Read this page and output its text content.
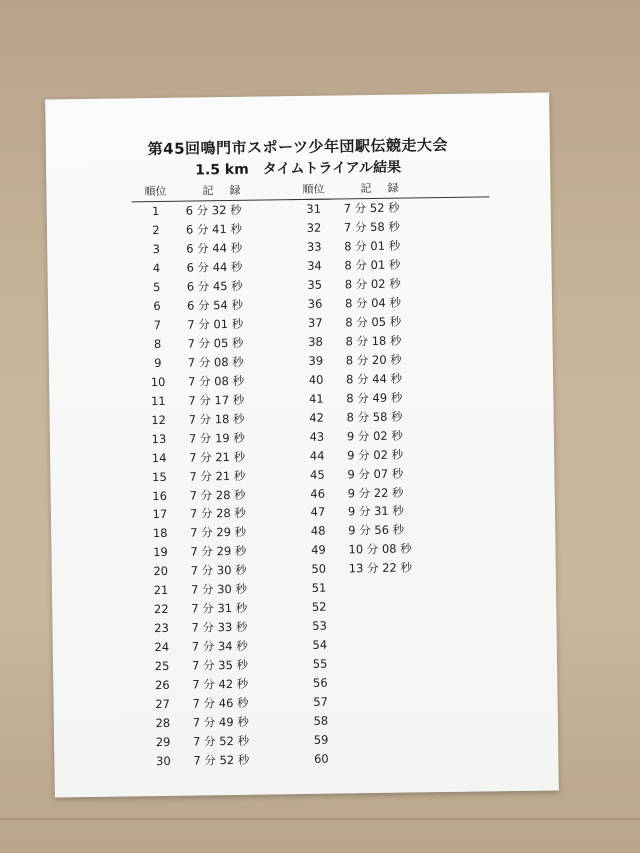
第45回鳴門市スポーツ少年団駅伝競走大会
1.5 km　タイムトライアル結果
順位	記録
1	6 分 32 秒
2	6 分 41 秒
3	6 分 44 秒
4	6 分 44 秒
5	6 分 45 秒
6	6 分 54 秒
7	7 分 01 秒
8	7 分 05 秒
9	7 分 08 秒
10	7 分 08 秒
11	7 分 17 秒
12	7 分 18 秒
13	7 分 19 秒
14	7 分 21 秒
15	7 分 21 秒
16	7 分 28 秒
17	7 分 28 秒
18	7 分 29 秒
19	7 分 29 秒
20	7 分 30 秒
21	7 分 30 秒
22	7 分 31 秒
23	7 分 33 秒
24	7 分 34 秒
25	7 分 35 秒
26	7 分 42 秒
27	7 分 46 秒
28	7 分 49 秒
29	7 分 52 秒
30	7 分 52 秒
順位	記録
31	7 分 52 秒
32	7 分 58 秒
33	8 分 01 秒
34	8 分 01 秒
35	8 分 02 秒
36	8 分 04 秒
37	8 分 05 秒
38	8 分 18 秒
39	8 分 20 秒
40	8 分 44 秒
41	8 分 49 秒
42	8 分 58 秒
43	9 分 02 秒
44	9 分 02 秒
45	9 分 07 秒
46	9 分 22 秒
47	9 分 31 秒
48	9 分 56 秒
49	10 分 08 秒
50	13 分 22 秒
51
52
53
54
55
56
57
58
59
60
